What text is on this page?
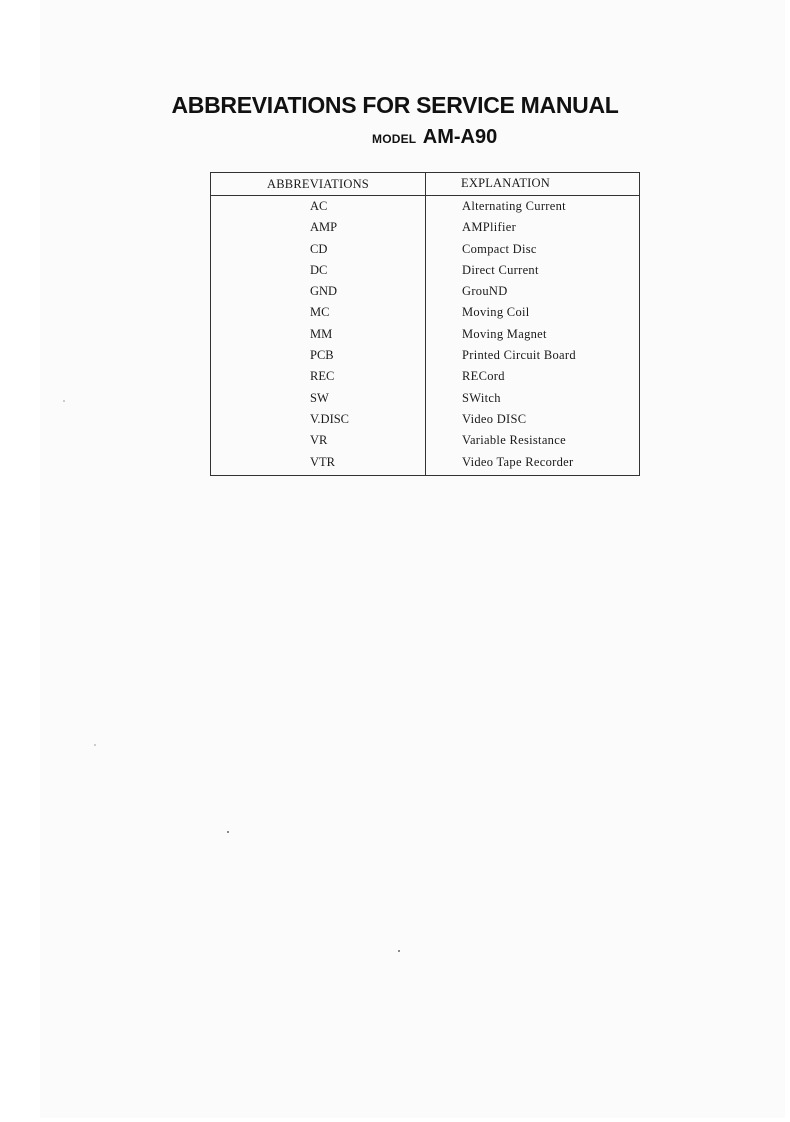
ABBREVIATIONS FOR SERVICE MANUAL
MODEL AM-A90
ABBREVIATIONS	EXPLANATION
AC	Alternating Current
AMP	AMPlifier
CD	Compact Disc
DC	Direct Current
GND	GrouND
MC	Moving Coil
MM	Moving Magnet
PCB	Printed Circuit Board
REC	RECord
SW	SWitch
V.DISC	Video DISC
VR	Variable Resistance
VTR	Video Tape Recorder
